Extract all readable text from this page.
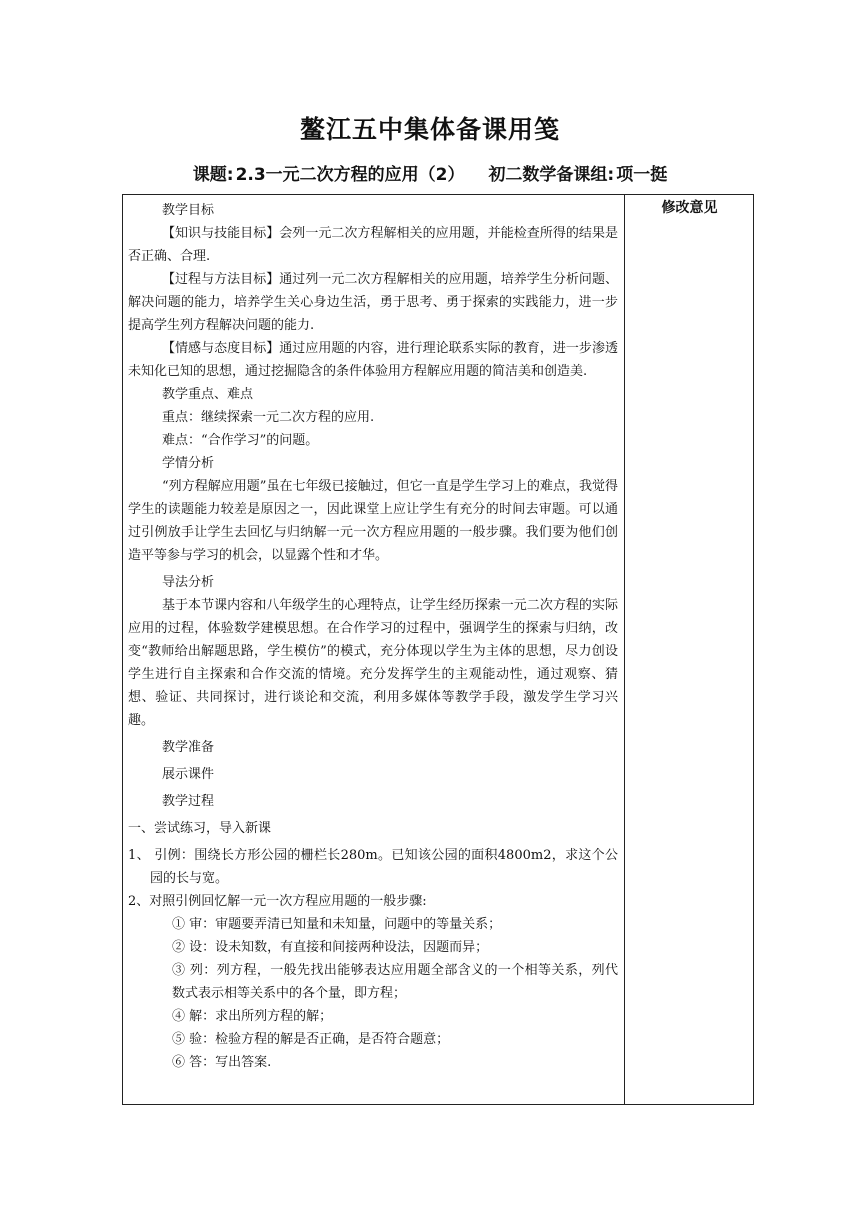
鳌江五中集体备课用笺
课题: 2.3一元二次方程的应用（2） 初二数学备课组: 项一挺
修改意见

教学目标

【知识与技能目标】会列一元二次方程解相关的应用题，并能检查所得的结果是否正确、合理.

【过程与方法目标】通过列一元二次方程解相关的应用题，培养学生分析问题、解决问题的能力，培养学生关心身边生活，勇于思考、勇于探索的实践能力，进一步提高学生列方程解决问题的能力.

【情感与态度目标】通过应用题的内容，进行理论联系实际的教育，进一步渗透未知化已知的思想，通过挖掘隐含的条件体验用方程解应用题的简洁美和创造美.

教学重点、难点

重点：继续探索一元二次方程的应用.

难点：“合作学习”的问题。

学情分析

“列方程解应用题”虽在七年级已接触过，但它一直是学生学习上的难点，我觉得学生的读题能力较差是原因之一，因此课堂上应让学生有充分的时间去审题。可以通过引例放手让学生去回忆与归纳解一元一次方程应用题的一般步骤。我们要为他们创造平等参与学习的机会，以显露个性和才华。

导法分析

基于本节课内容和八年级学生的心理特点，让学生经历探索一元二次方程的实际应用的过程，体验数学建模思想。在合作学习的过程中，强调学生的探索与归纳，改变“教师给出解题思路，学生模仿”的模式，充分体现以学生为主体的思想，尽力创设学生进行自主探索和合作交流的情境。充分发挥学生的主观能动性，通过观察、猜想、验证、共同探讨，进行谈论和交流，利用多媒体等教学手段，激发学生学习兴趣。

教学准备

展示课件

教学过程

一、尝试练习，导入新课

1、 引例：围绕长方形公园的栅栏长280m。已知该公园的面积4800m2，求这个公园的长与宽。

2、对照引例回忆解一元一次方程应用题的一般步骤:

① 审：审题要弄清已知量和未知量，问题中的等量关系；

② 设：设未知数，有直接和间接两种设法，因题而异；

③ 列：列方程，一般先找出能够表达应用题全部含义的一个相等关系，列代数式表示相等关系中的各个量，即方程；

④ 解：求出所列方程的解；

⑤ 验：检验方程的解是否正确，是否符合题意；

⑥ 答：写出答案.
